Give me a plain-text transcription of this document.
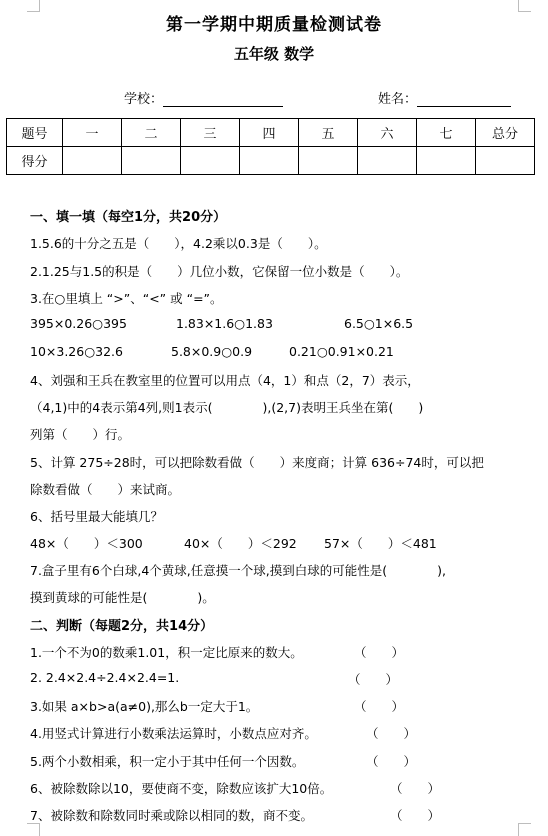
第一学期中期质量检测试卷
五年级 数学
学校：	姓名：
题号	一	二	三	四	五	六	七	总分
得分								
一、填一填（每空1分，共20分）
1.5.6的十分之五是（　　），4.2乘以0.3是（　　）。
2.1.25与1.5的积是（　　）几位小数，它保留一位小数是（　　）。
3.在○里填上 “>”、“<” 或 “=”。
395×0.26○395	1.83×1.6○1.83	6.5○1×6.5
10×3.26○32.6	5.8×0.9○0.9	0.21○0.91×0.21
4、刘强和王兵在教室里的位置可以用点（4，1）和点（2，7）表示，
（4,1)中的4表示第4列,则1表示(　　　　),(2,7)表明王兵坐在第(　　)
列第（　　）行。
5、计算 275÷28时，可以把除数看做（　　）来度商；计算 636÷74时，可以把
除数看做（　　）来试商。
6、括号里最大能填几？
48×（　　）＜300	40×（　　）＜292 57×（　　）＜481
7.盒子里有6个白球,4个黄球,任意摸一个球,摸到白球的可能性是(　　　　),
摸到黄球的可能性是(　　　　)。
二、判断（每题2分，共14分）
1.一个不为0的数乘1.01，积一定比原来的数大。	（　　）
2. 2.4×2.4÷2.4×2.4=1.	（　　）
3.如果 a×b>a(a≠0),那么b一定大于1。	（　　）
4.用竖式计算进行小数乘法运算时，小数点应对齐。	（　　）
5.两个小数相乘，积一定小于其中任何一个因数。	（　　）
6、被除数除以10，要使商不变，除数应该扩大10倍。	（　　）
7、被除数和除数同时乘或除以相同的数，商不变。	（　　）
